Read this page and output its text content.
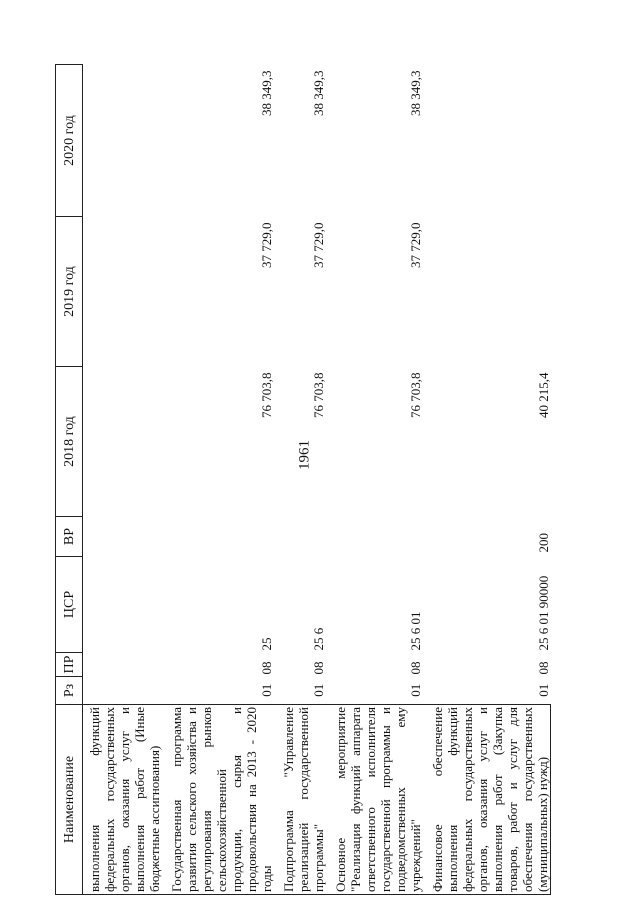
1961
Наименование	Рз	ПР	ЦСР	ВР	2018 год	2019 год	2020 год
выполнения функций федеральных государственных органов, оказания услуг и выполнения работ (Иные бюджетные ассигнования)							
Государственная программа развития сельского хозяйства и регулирования рынков сельскохозяйственной продукции, сырья и продовольствия на 2013 - 2020 годы	01	08	25		76 703,8	37 729,0	38 349,3
Подпрограмма "Управление реализацией государственной программы"	01	08	25 6		76 703,8	37 729,0	38 349,3
Основное мероприятие "Реализация функций аппарата ответственного исполнителя государственной программы и подведомственных ему учреждений"	01	08	25 6 01		76 703,8	37 729,0	38 349,3
Финансовое обеспечение выполнения функций федеральных государственных органов, оказания услуг и выполнения работ (Закупка товаров, работ и услуг для обеспечения государственных (муниципальных) нужд)	01	08	25 6 01 90000	200	40 215,4		
